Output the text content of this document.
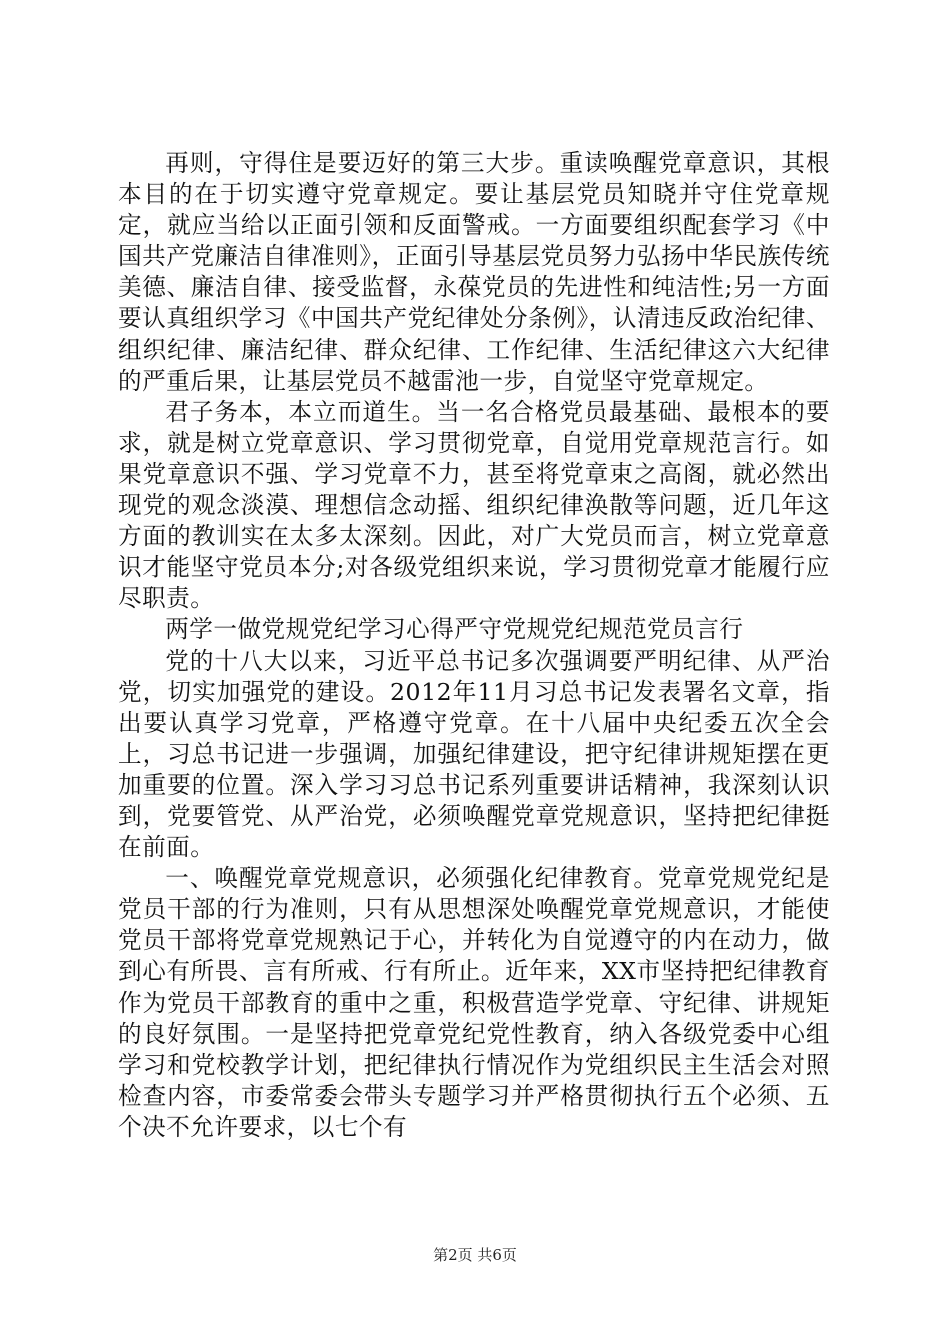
再则，守得住是要迈好的第三大步。重读唤醒党章意识，其根本目的在于切实遵守党章规定。要让基层党员知晓并守住党章规定，就应当给以正面引领和反面警戒。一方面要组织配套学习《中国共产党廉洁自律准则》，正面引导基层党员努力弘扬中华民族传统美德、廉洁自律、接受监督，永葆党员的先进性和纯洁性;另一方面要认真组织学习《中国共产党纪律处分条例》，认清违反政治纪律、组织纪律、廉洁纪律、群众纪律、工作纪律、生活纪律这六大纪律的严重后果，让基层党员不越雷池一步，自觉坚守党章规定。

君子务本，本立而道生。当一名合格党员最基础、最根本的要求，就是树立党章意识、学习贯彻党章，自觉用党章规范言行。如果党章意识不强、学习党章不力，甚至将党章束之高阁，就必然出现党的观念淡漠、理想信念动摇、组织纪律涣散等问题，近几年这方面的教训实在太多太深刻。因此，对广大党员而言，树立党章意识才能坚守党员本分;对各级党组织来说，学习贯彻党章才能履行应尽职责。

两学一做党规党纪学习心得严守党规党纪规范党员言行

党的十八大以来，习近平总书记多次强调要严明纪律、从严治党，切实加强党的建设。2012年11月习总书记发表署名文章，指出要认真学习党章，严格遵守党章。在十八届中央纪委五次全会上，习总书记进一步强调，加强纪律建设，把守纪律讲规矩摆在更加重要的位置。深入学习习总书记系列重要讲话精神，我深刻认识到，党要管党、从严治党，必须唤醒党章党规意识，坚持把纪律挺在前面。

一、唤醒党章党规意识，必须强化纪律教育。党章党规党纪是党员干部的行为准则，只有从思想深处唤醒党章党规意识，才能使党员干部将党章党规熟记于心，并转化为自觉遵守的内在动力，做到心有所畏、言有所戒、行有所止。近年来，XX市坚持把纪律教育作为党员干部教育的重中之重，积极营造学党章、守纪律、讲规矩的良好氛围。一是坚持把党章党纪党性教育，纳入各级党委中心组学习和党校教学计划，把纪律执行情况作为党组织民主生活会对照检查内容，市委常委会带头专题学习并严格贯彻执行五个必须、五个决不允许要求，以七个有

第2页 共6页
